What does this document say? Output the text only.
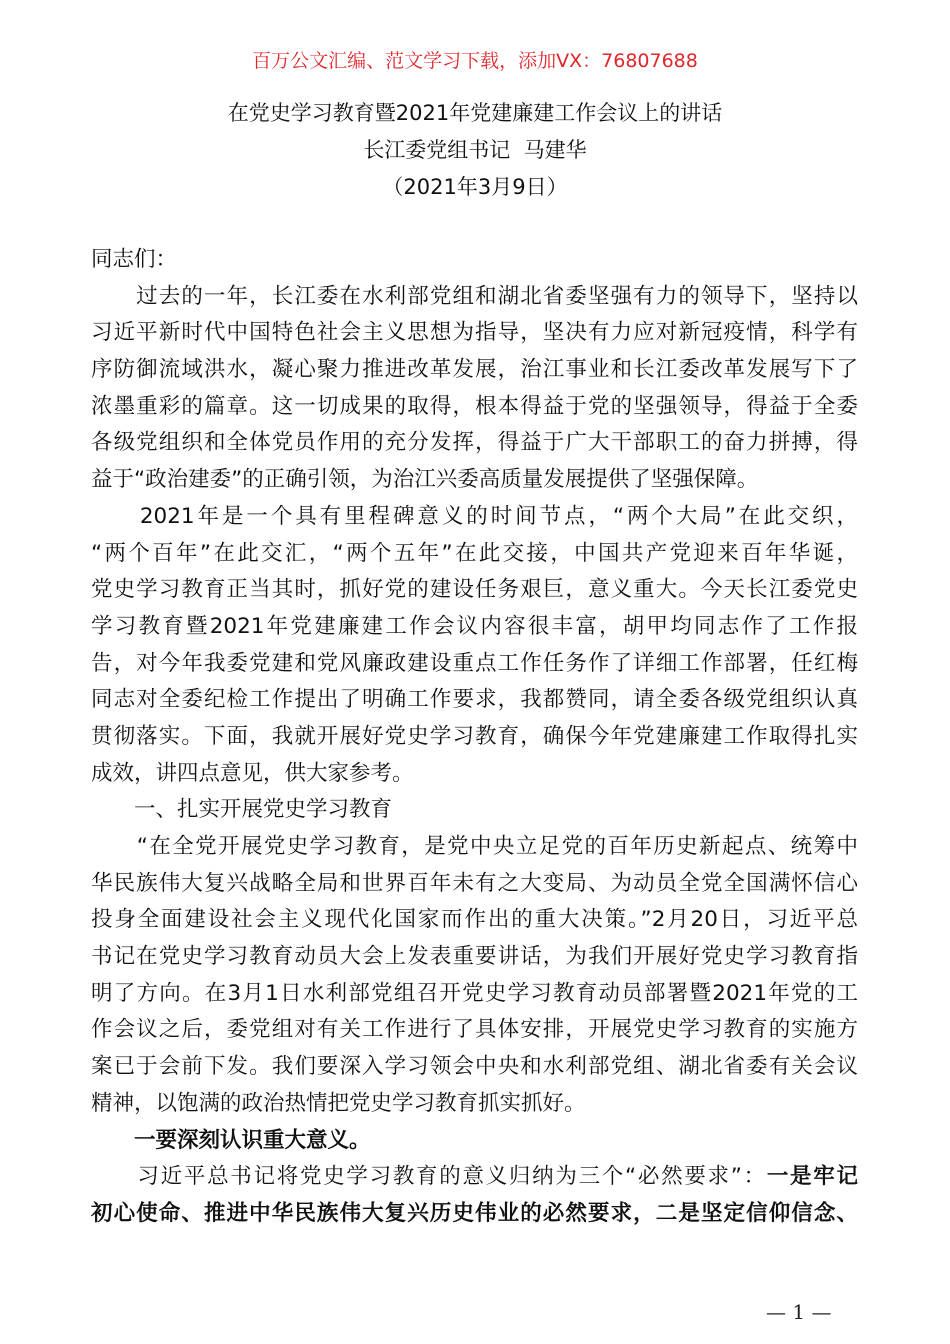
百万公文汇编、范文学习下载，添加VX：76807688
在党史学习教育暨2021年党建廉建工作会议上的讲话
长江委党组书记  马建华
（2021年3月9日）
同志们：
　　过去的一年，长江委在水利部党组和湖北省委坚强有力的领导下，坚持以
习近平新时代中国特色社会主义思想为指导，坚决有力应对新冠疫情，科学有
序防御流域洪水，凝心聚力推进改革发展，治江事业和长江委改革发展写下了
浓墨重彩的篇章。这一切成果的取得，根本得益于党的坚强领导，得益于全委
各级党组织和全体党员作用的充分发挥，得益于广大干部职工的奋力拼搏，得
益于“政治建委”的正确引领，为治江兴委高质量发展提供了坚强保障。
　　2021年是一个具有里程碑意义的时间节点，“两个大局”在此交织，
“两个百年”在此交汇，“两个五年”在此交接，中国共产党迎来百年华诞，
党史学习教育正当其时，抓好党的建设任务艰巨，意义重大。今天长江委党史
学习教育暨2021年党建廉建工作会议内容很丰富，胡甲均同志作了工作报
告，对今年我委党建和党风廉政建设重点工作任务作了详细工作部署，任红梅
同志对全委纪检工作提出了明确工作要求，我都赞同，请全委各级党组织认真
贯彻落实。下面，我就开展好党史学习教育，确保今年党建廉建工作取得扎实
成效，讲四点意见，供大家参考。
　　一、扎实开展党史学习教育
　　“在全党开展党史学习教育，是党中央立足党的百年历史新起点、统筹中
华民族伟大复兴战略全局和世界百年未有之大变局、为动员全党全国满怀信心
投身全面建设社会主义现代化国家而作出的重大决策。”2月20日，习近平总
书记在党史学习教育动员大会上发表重要讲话，为我们开展好党史学习教育指
明了方向。在3月1日水利部党组召开党史学习教育动员部署暨2021年党的工
作会议之后，委党组对有关工作进行了具体安排，开展党史学习教育的实施方
案已于会前下发。我们要深入学习领会中央和水利部党组、湖北省委有关会议
精神，以饱满的政治热情把党史学习教育抓实抓好。
　　一要深刻认识重大意义。
　　习近平总书记将党史学习教育的意义归纳为三个“必然要求”：一是牢记
初心使命、推进中华民族伟大复兴历史伟业的必然要求，二是坚定信仰信念、
— 1 —
